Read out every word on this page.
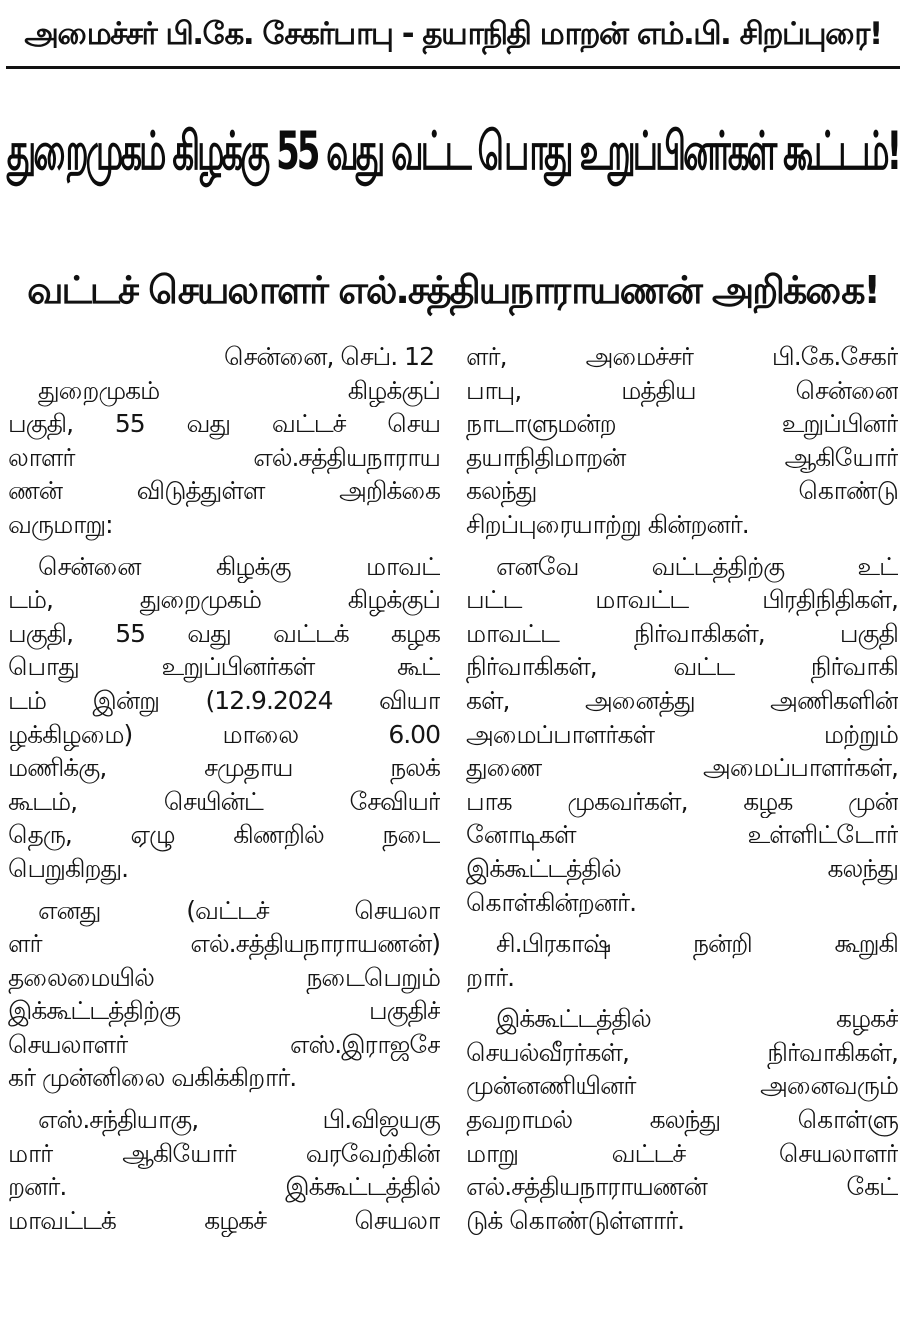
அமைச்சர் பி.கே. சேகர்பாபு - தயாநிதி மாறன் எம்.பி. சிறப்புரை!
துறைமுகம் கிழக்கு 55 வது வட்ட பொது உறுப்பினர்கள் கூட்டம்!
வட்டச் செயலாளர் எல்.சத்தியநாராயணன் அறிக்கை!
சென்னை, செப். 12
துறைமுகம் கிழக்குப்
பகுதி, 55 வது வட்டச் செய
லாளர் எல்.சத்தியநாராய
ணன் விடுத்துள்ள அறிக்கை
வருமாறு:
சென்னை கிழக்கு மாவட்
டம், துறைமுகம் கிழக்குப்
பகுதி, 55 வது வட்டக் கழக
பொது உறுப்பினர்கள் கூட்
டம் இன்று (12.9.2024 வியா
ழக்கிழமை) மாலை 6.00
மணிக்கு, சமுதாய நலக்
கூடம், செயின்ட் சேவியர்
தெரு, ஏழு கிணறில் நடை
பெறுகிறது.
எனது (வட்டச் செயலா
ளர் எல்.சத்தியநாராயணன்)
தலைமையில் நடைபெறும்
இக்கூட்டத்திற்கு பகுதிச்
செயலாளர் எஸ்.இராஜசே
கர் முன்னிலை வகிக்கிறார்.
எஸ்.சந்தியாகு, பி.விஜயகு
மார் ஆகியோர் வரவேற்கின்
றனர். இக்கூட்டத்தில்
மாவட்டக் கழகச் செயலா
ளர், அமைச்சர் பி.கே.சேகர்
பாபு, மத்திய சென்னை
நாடாளுமன்ற உறுப்பினர்
தயாநிதிமாறன் ஆகியோர்
கலந்து கொண்டு
சிறப்புரையாற்று கின்றனர்.
எனவே வட்டத்திற்கு உட்
பட்ட மாவட்ட பிரதிநிதிகள்,
மாவட்ட நிர்வாகிகள், பகுதி
நிர்வாகிகள், வட்ட நிர்வாகி
கள், அனைத்து அணிகளின்
அமைப்பாளர்கள் மற்றும்
துணை அமைப்பாளர்கள்,
பாக முகவர்கள், கழக முன்
னோடிகள் உள்ளிட்டோர்
இக்கூட்டத்தில் கலந்து
கொள்கின்றனர்.
சி.பிரகாஷ் நன்றி கூறுகி
றார்.
இக்கூட்டத்தில் கழகச்
செயல்வீரர்கள், நிர்வாகிகள்,
முன்னணியினர் அனைவரும்
தவறாமல் கலந்து கொள்ளு
மாறு வட்டச் செயலாளர்
எல்.சத்தியநாராயணன் கேட்
டுக் கொண்டுள்ளார்.
